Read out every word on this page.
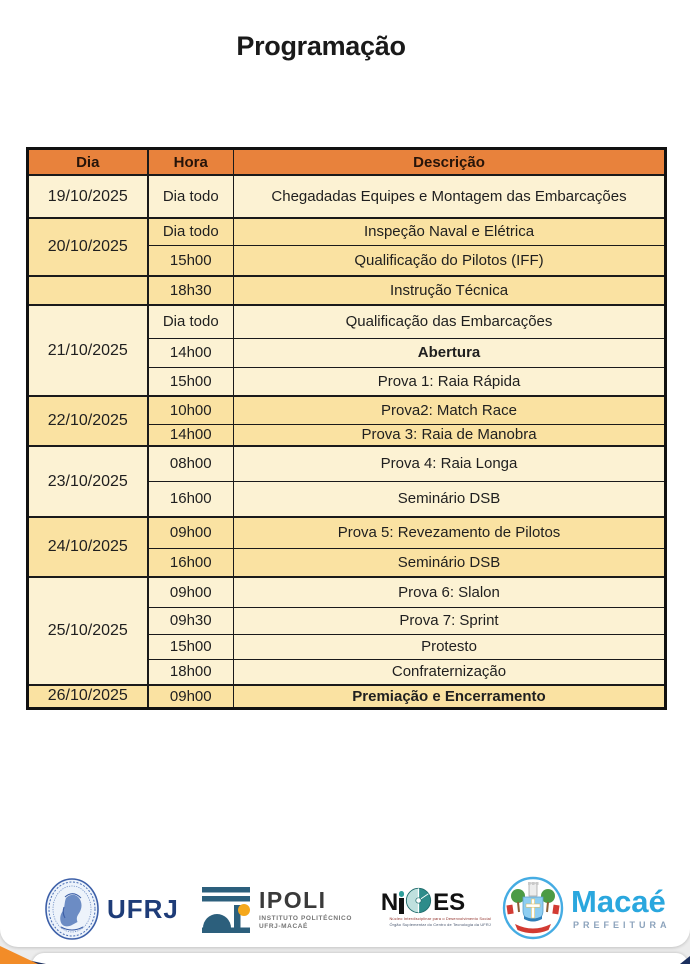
Programação
Dia	Hora	Descrição
19/10/2025	Dia todo	Chegadadas Equipes e Montagem das Embarcações
20/10/2025	Dia todo	Inspeção Naval e Elétrica
	15h00	Qualificação do Pilotos (IFF)
	18h30	Instrução Técnica
21/10/2025	Dia todo	Qualificação das Embarcações
	14h00	Abertura
	15h00	Prova 1: Raia Rápida
22/10/2025	10h00	Prova2: Match Race
	14h00	Prova 3: Raia de Manobra
23/10/2025	08h00	Prova 4: Raia Longa
	16h00	Seminário DSB
24/10/2025	09h00	Prova 5: Revezamento de Pilotos
	16h00	Seminário DSB
25/10/2025	09h00	Prova 6: Slalon
	09h30	Prova 7: Sprint
	15h00	Protesto
	18h00	Confraternização
26/10/2025	09h00	Premiação e Encerramento
UFRJ	IPOLI
INSTITUTO POLITÉCNICO
UFRJ-MACAÉ
N ES
Núcleo Interdisciplinar para o Desenvolvimento Social
Órgão Suplementar do Centro de Tecnologia da UFRJ
Macaé
PREFEITURA
